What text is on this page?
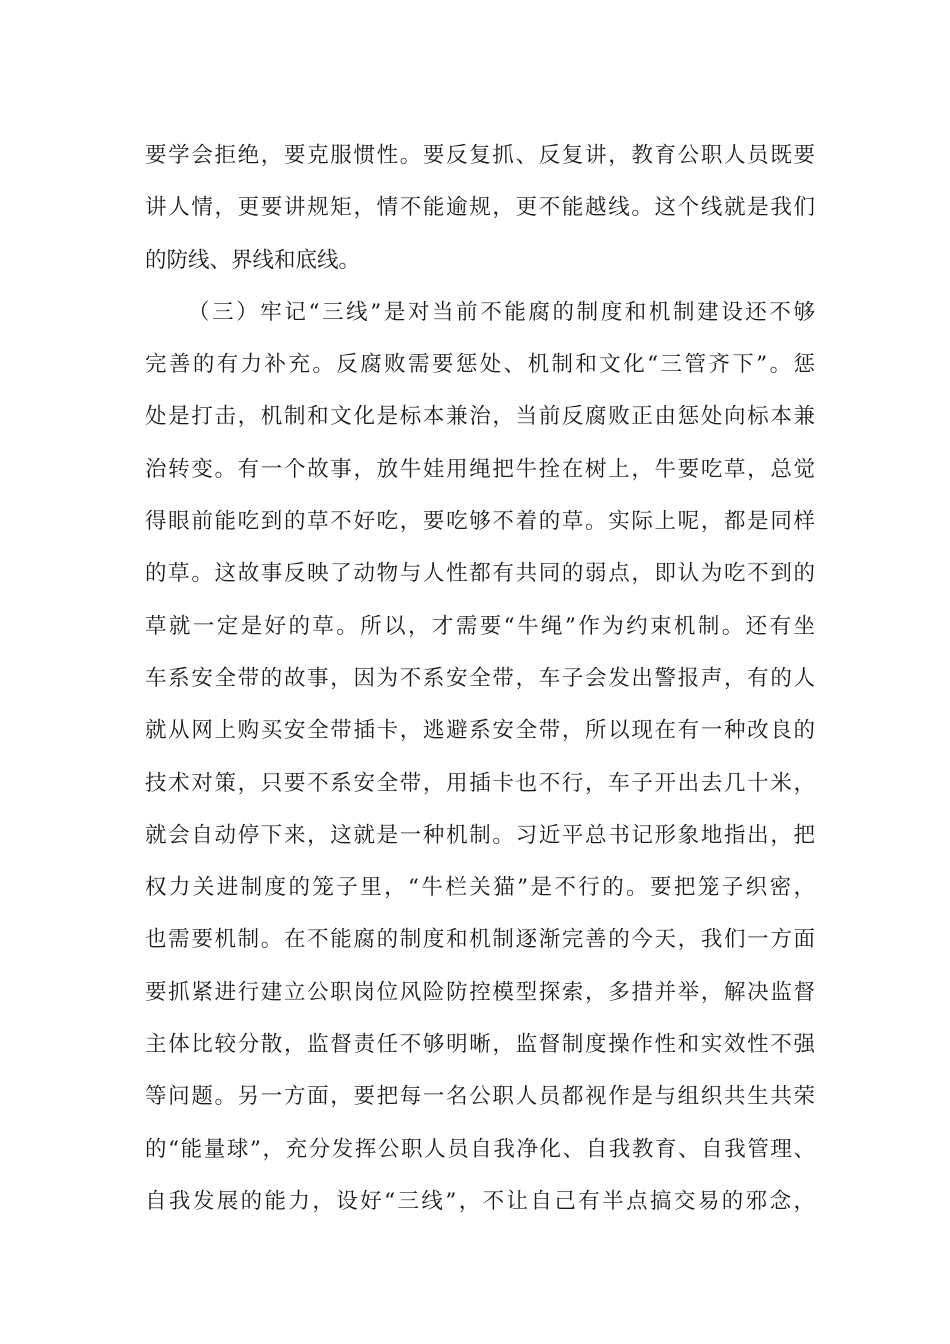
要学会拒绝，要克服惯性。要反复抓、反复讲，教育公职人员既要
讲人情，更要讲规矩，情不能逾规，更不能越线。这个线就是我们
的防线、界线和底线。
（三）牢记“三线”是对当前不能腐的制度和机制建设还不够
完善的有力补充。反腐败需要惩处、机制和文化“三管齐下”。惩
处是打击，机制和文化是标本兼治，当前反腐败正由惩处向标本兼
治转变。有一个故事，放牛娃用绳把牛拴在树上，牛要吃草，总觉
得眼前能吃到的草不好吃，要吃够不着的草。实际上呢，都是同样
的草。这故事反映了动物与人性都有共同的弱点，即认为吃不到的
草就一定是好的草。所以，才需要“牛绳”作为约束机制。还有坐
车系安全带的故事，因为不系安全带，车子会发出警报声，有的人
就从网上购买安全带插卡，逃避系安全带，所以现在有一种改良的
技术对策，只要不系安全带，用插卡也不行，车子开出去几十米，
就会自动停下来，这就是一种机制。习近平总书记形象地指出，把
权力关进制度的笼子里，“牛栏关猫”是不行的。要把笼子织密，
也需要机制。在不能腐的制度和机制逐渐完善的今天，我们一方面
要抓紧进行建立公职岗位风险防控模型探索，多措并举，解决监督
主体比较分散，监督责任不够明晰，监督制度操作性和实效性不强
等问题。另一方面，要把每一名公职人员都视作是与组织共生共荣
的“能量球”，充分发挥公职人员自我净化、自我教育、自我管理、
自我发展的能力，设好“三线”，不让自己有半点搞交易的邪念，
